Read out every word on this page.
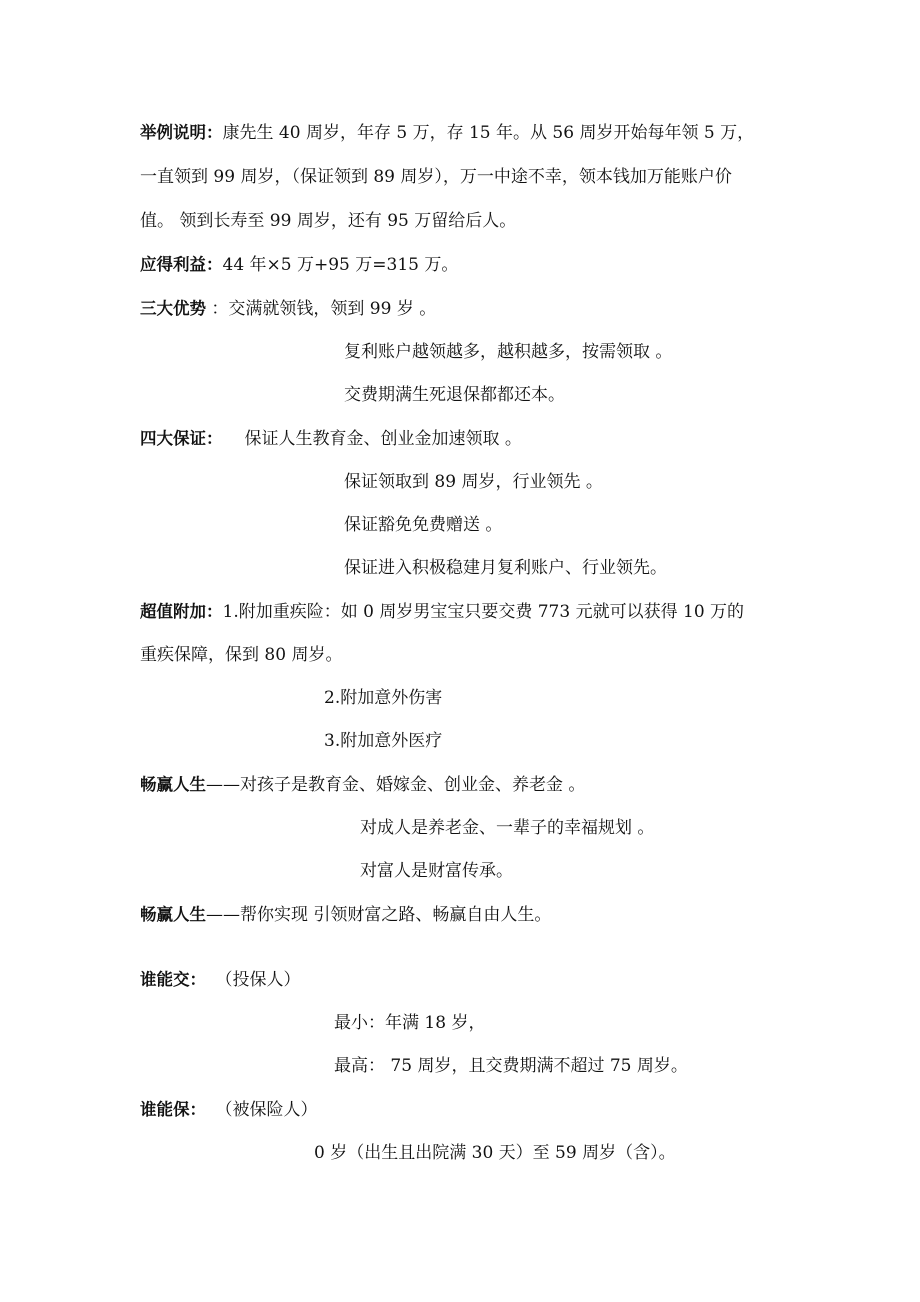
举例说明：康先生 40 周岁，年存 5 万，存 15 年。从 56 周岁开始每年领 5 万，
一直领到 99 周岁，（保证领到 89 周岁），万一中途不幸，领本钱加万能账户价
值。 领到长寿至 99 周岁，还有 95 万留给后人。
应得利益：44 年×5 万+95 万=315 万。
三大优势 ：交满就领钱，领到 99 岁 。
复利账户越领越多，越积越多，按需领取 。
交费期满生死退保都都还本。
四大保证： 保证人生教育金、创业金加速领取 。
保证领取到 89 周岁，行业领先 。
保证豁免免费赠送 。
保证进入积极稳建月复利账户、行业领先。
超值附加：1.附加重疾险：如 0 周岁男宝宝只要交费 773 元就可以获得 10 万的
重疾保障，保到 80 周岁。
2.附加意外伤害
3.附加意外医疗
畅赢人生——对孩子是教育金、婚嫁金、创业金、养老金 。
对成人是养老金、一辈子的幸福规划 。
对富人是财富传承。
畅赢人生——帮你实现 引领财富之路、畅赢自由人生。
谁能交： （投保人）
最小：年满 18 岁，
最高： 75 周岁，且交费期满不超过 75 周岁。
谁能保： （被保险人）
0 岁（出生且出院满 30 天）至 59 周岁（含）。
